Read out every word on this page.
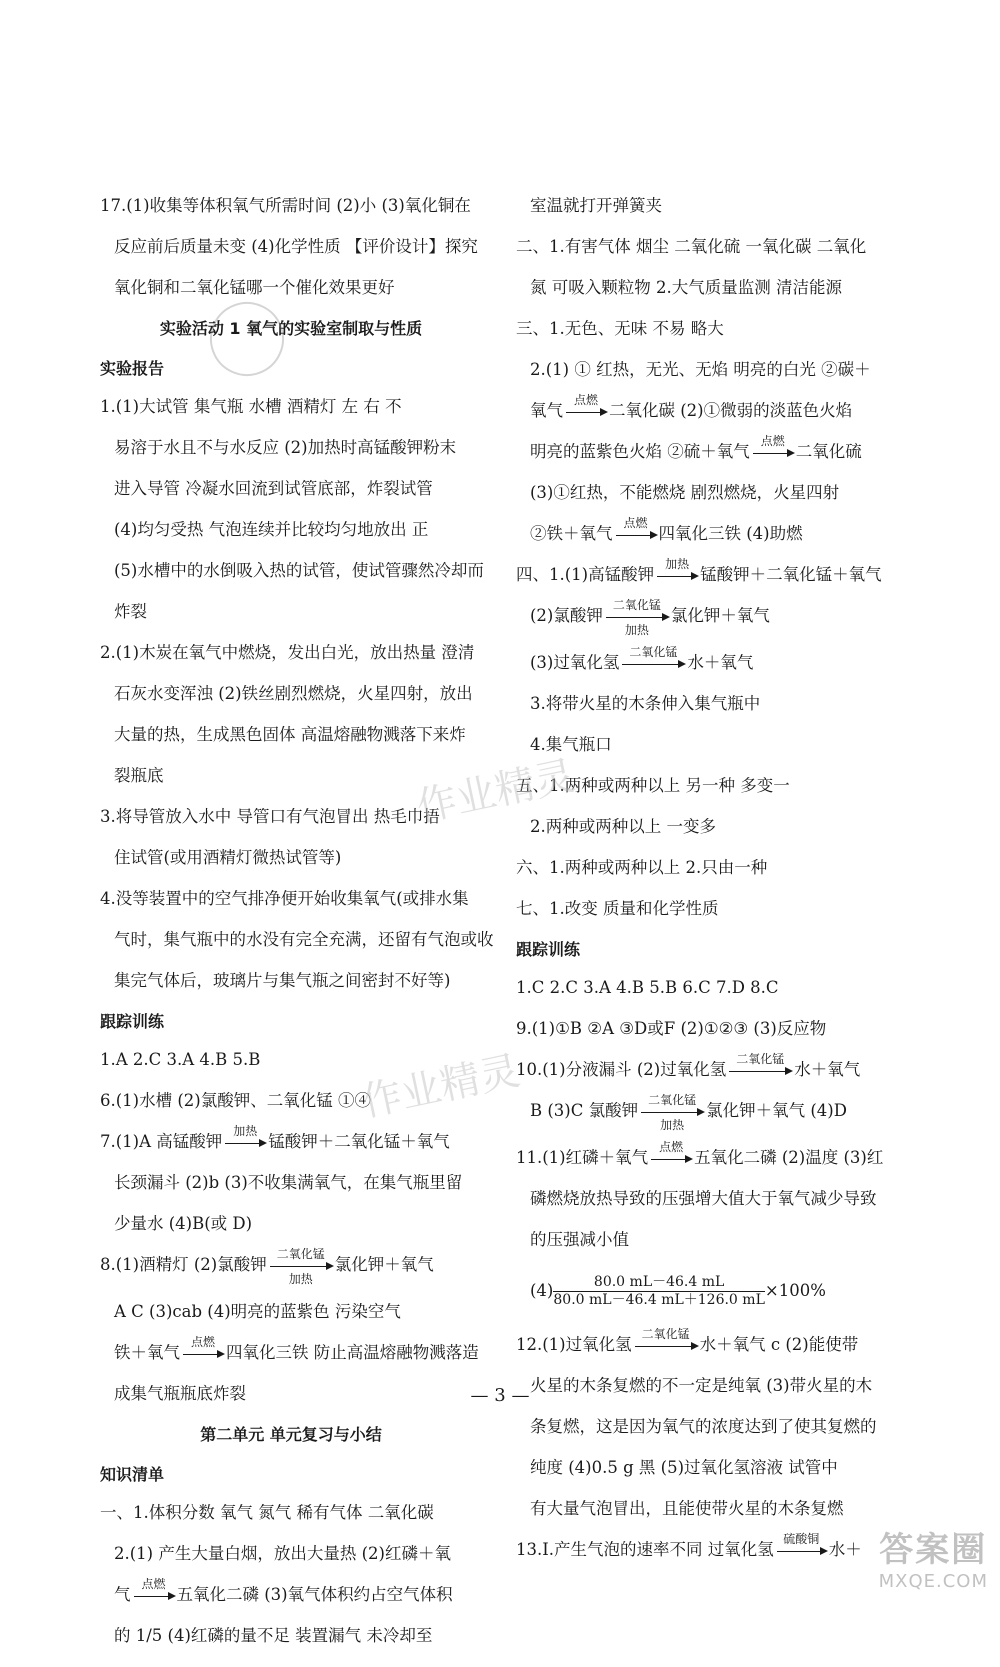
17.(1)收集等体积氧气所需时间 (2)小 (3)氧化铜在
反应前后质量未变 (4)化学性质 【评价设计】探究
氧化铜和二氧化锰哪一个催化效果更好
实验活动 1 氧气的实验室制取与性质
实验报告
1.(1)大试管 集气瓶 水槽 酒精灯 左 右 不
易溶于水且不与水反应 (2)加热时高锰酸钾粉末
进入导管 冷凝水回流到试管底部，炸裂试管
(4)均匀受热 气泡连续并比较均匀地放出 正
(5)水槽中的水倒吸入热的试管，使试管骤然冷却而
炸裂
2.(1)木炭在氧气中燃烧，发出白光，放出热量 澄清
石灰水变浑浊 (2)铁丝剧烈燃烧，火星四射，放出
大量的热，生成黑色固体 高温熔融物溅落下来炸
裂瓶底
3.将导管放入水中 导管口有气泡冒出 热毛巾捂
住试管(或用酒精灯微热试管等)
4.没等装置中的空气排净便开始收集氧气(或排水集
气时，集气瓶中的水没有完全充满，还留有气泡或收
集完气体后，玻璃片与集气瓶之间密封不好等)
跟踪训练
1.A 2.C 3.A 4.B 5.B
6.(1)水槽 (2)氯酸钾、二氧化锰 ①④
7.(1)A 高锰酸钾
加热
锰酸钾＋二氧化锰＋氧气
长颈漏斗 (2)b (3)不收集满氧气，在集气瓶里留
少量水 (4)B(或 D)
8.(1)酒精灯 (2)氯酸钾
二氧化锰
加热
氯化钾＋氧气
A C (3)cab (4)明亮的蓝紫色 污染空气
铁＋氧气
点燃
四氧化三铁 防止高温熔融物溅落造
成集气瓶瓶底炸裂
第二单元 单元复习与小结
知识清单
一、1.体积分数 氧气 氮气 稀有气体 二氧化碳
2.(1) 产生大量白烟，放出大量热 (2)红磷＋氧
气
点燃
五氧化二磷 (3)氧气体积约占空气体积
的 1/5 (4)红磷的量不足 装置漏气 未冷却至
室温就打开弹簧夹
二、1.有害气体 烟尘 二氧化硫 一氧化碳 二氧化
氮 可吸入颗粒物 2.大气质量监测 清洁能源
三、1.无色、无味 不易 略大
2.(1) ① 红热，无光、无焰 明亮的白光 ②碳＋
氧气
点燃
二氧化碳 (2)①微弱的淡蓝色火焰
明亮的蓝紫色火焰 ②硫＋氧气
点燃
二氧化硫
(3)①红热，不能燃烧 剧烈燃烧，火星四射
②铁＋氧气
点燃
四氧化三铁 (4)助燃
四、1.(1)高锰酸钾
加热
锰酸钾＋二氧化锰＋氧气
(2)氯酸钾
二氧化锰
加热
氯化钾＋氧气
(3)过氧化氢
二氧化锰
水＋氧气
3.将带火星的木条伸入集气瓶中
4.集气瓶口
五、1.两种或两种以上 另一种 多变一
2.两种或两种以上 一变多
六、1.两种或两种以上 2.只由一种
七、1.改变 质量和化学性质
跟踪训练
1.C 2.C 3.A 4.B 5.B 6.C 7.D 8.C
9.(1)①B ②A ③D或F (2)①②③ (3)反应物
10.(1)分液漏斗 (2)过氧化氢
二氧化锰
水＋氧气
B (3)C 氯酸钾
二氧化锰
加热
氯化钾＋氧气 (4)D
11.(1)红磷＋氧气
点燃
五氧化二磷 (2)温度 (3)红
磷燃烧放热导致的压强增大值大于氧气减少导致
的压强减小值
$(4) \frac{80.0 mL-46.4 mL}{80.0 mL-46.4 mL+126.0 mL} \times 100\%$
12.(1)过氧化氢
二氧化锰
水＋氧气 c (2)能使带
火星的木条复燃的不一定是纯氧 (3)带火星的木
条复燃，这是因为氧气的浓度达到了使其复燃的
纯度 (4)0.5 g 黑 (5)过氧化氢溶液 试管中
有大量气泡冒出，且能使带火星的木条复燃
13.Ⅰ.产生气泡的速率不同 过氧化氢
硫酸铜
水＋
作业精灵
作业精灵
— 3 —
答案圈
MXQE.COM
